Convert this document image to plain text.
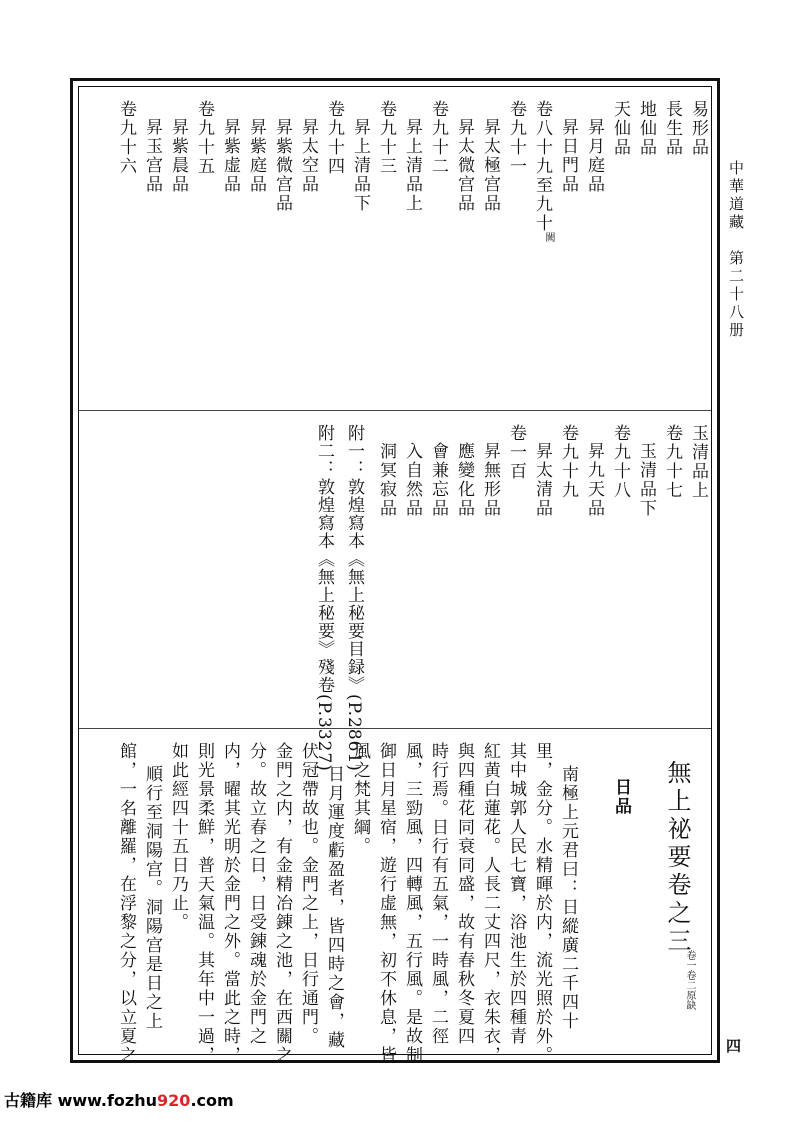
中華道藏　第二十八册
四
易形品
長生品
地仙品
天仙品
昇月庭品
昇日門品
卷八十九至九十
闕
卷九十一
昇太極宫品
昇太微宫品
卷九十二
昇上清品上
卷九十三
昇上清品下
卷九十四
昇太空品
昇紫微宫品
昇紫庭品
昇紫虚品
卷九十五
昇紫晨品
昇玉宫品
卷九十六
玉清品上
卷九十七
玉清品下
卷九十八
昇九天品
卷九十九
昇太清品
卷一百
昇無形品
應變化品
會兼忘品
入自然品
洞冥寂品
附一：敦煌寫本《無上秘要目録》(P.2861)
附二：敦煌寫本《無上秘要》殘卷(P.3327)
無上祕要卷之三
卷一卷二原缺
日品
南極上元君曰：日縱廣二千四十
里，金分。水精暉於内，流光照於外。
其中城郭人民七寶，浴池生於四種青
紅黄白蓮花。人長二丈四尺，衣朱衣，
與四種花同衰同盛，故有春秋冬夏四
時行焉。日行有五氣，一時風，二徑
風，三勁風，四轉風，五行風。是故制
御日月星宿，遊行虚無，初不休息，皆
風之梵其綱。
日月運度虧盈者，皆四時之會，藏
伏冠帶故也。金門之上，日行通門。
金門之内，有金精冶錬之池，在西關之
分。故立春之日，日受錬魂於金門之
内，曜其光明於金門之外。當此之時，
則光景柔鮮，普天氣温。其年中一過，
如此經四十五日乃止。
順行至洞陽宫。洞陽宫是日之上
館，一名離羅，在浮黎之分，以立夏之
古籍库 www.fozhu920.com
